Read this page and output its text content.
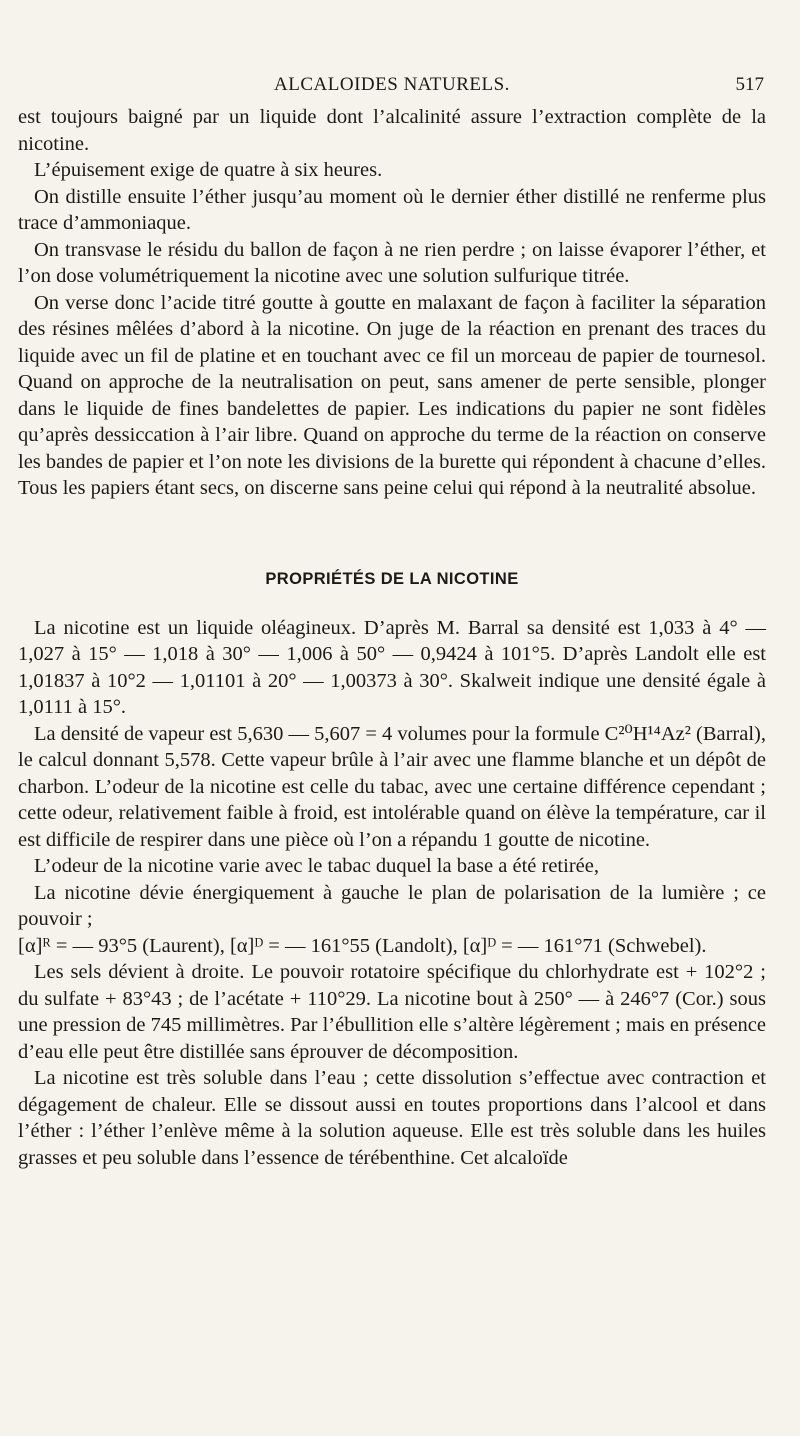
ALCALOIDES NATURELS.	517

est toujours baigné par un liquide dont l’alcalinité assure l’extraction complète de la nicotine.

L’épuisement exige de quatre à six heures.

On distille ensuite l’éther jusqu’au moment où le dernier éther distillé ne renferme plus trace d’ammoniaque.

On transvase le résidu du ballon de façon à ne rien perdre ; on laisse évaporer l’éther, et l’on dose volumétriquement la nicotine avec une solution sulfurique titrée.

On verse donc l’acide titré goutte à goutte en malaxant de façon à faciliter la séparation des résines mêlées d’abord à la nicotine. On juge de la réaction en prenant des traces du liquide avec un fil de platine et en touchant avec ce fil un morceau de papier de tournesol. Quand on approche de la neutralisation on peut, sans amener de perte sensible, plonger dans le liquide de fines bandelettes de papier. Les indications du papier ne sont fidèles qu’après dessiccation à l’air libre. Quand on approche du terme de la réaction on conserve les bandes de papier et l’on note les divisions de la burette qui répondent à chacune d’elles. Tous les papiers étant secs, on discerne sans peine celui qui répond à la neutralité absolue.

PROPRIÉTÉS DE LA NICOTINE

La nicotine est un liquide oléagineux. D’après M. Barral sa densité est 1,033 à 4° — 1,027 à 15° — 1,018 à 30° — 1,006 à 50° — 0,9424 à 101°5. D’après Landolt elle est 1,01837 à 10°2 — 1,01101 à 20° — 1,00373 à 30°. Skalweit indique une densité égale à 1,0111 à 15°.

La densité de vapeur est 5,630 — 5,607 = 4 volumes pour la formule C²⁰H¹⁴Az² (Barral), le calcul donnant 5,578. Cette vapeur brûle à l’air avec une flamme blanche et un dépôt de charbon. L’odeur de la nicotine est celle du tabac, avec une certaine différence cependant ; cette odeur, relativement faible à froid, est intolérable quand on élève la température, car il est difficile de respirer dans une pièce où l’on a répandu 1 goutte de nicotine.

L’odeur de la nicotine varie avec le tabac duquel la base a été retirée,

La nicotine dévie énergiquement à gauche le plan de polarisation de la lumière ; ce pouvoir ;

[α]ᴿ = — 93°5 (Laurent), [α]ᴰ = — 161°55 (Landolt), [α]ᴰ = — 161°71 (Schwebel).

Les sels dévient à droite. Le pouvoir rotatoire spécifique du chlorhydrate est + 102°2 ; du sulfate + 83°43 ; de l’acétate + 110°29. La nicotine bout à 250° — à 246°7 (Cor.) sous une pression de 745 millimètres. Par l’ébullition elle s’altère légèrement ; mais en présence d’eau elle peut être distillée sans éprouver de décomposition.

La nicotine est très soluble dans l’eau ; cette dissolution s’effectue avec contraction et dégagement de chaleur. Elle se dissout aussi en toutes proportions dans l’alcool et dans l’éther : l’éther l’enlève même à la solution aqueuse. Elle est très soluble dans les huiles grasses et peu soluble dans l’essence de térébenthine. Cet alcaloïde
